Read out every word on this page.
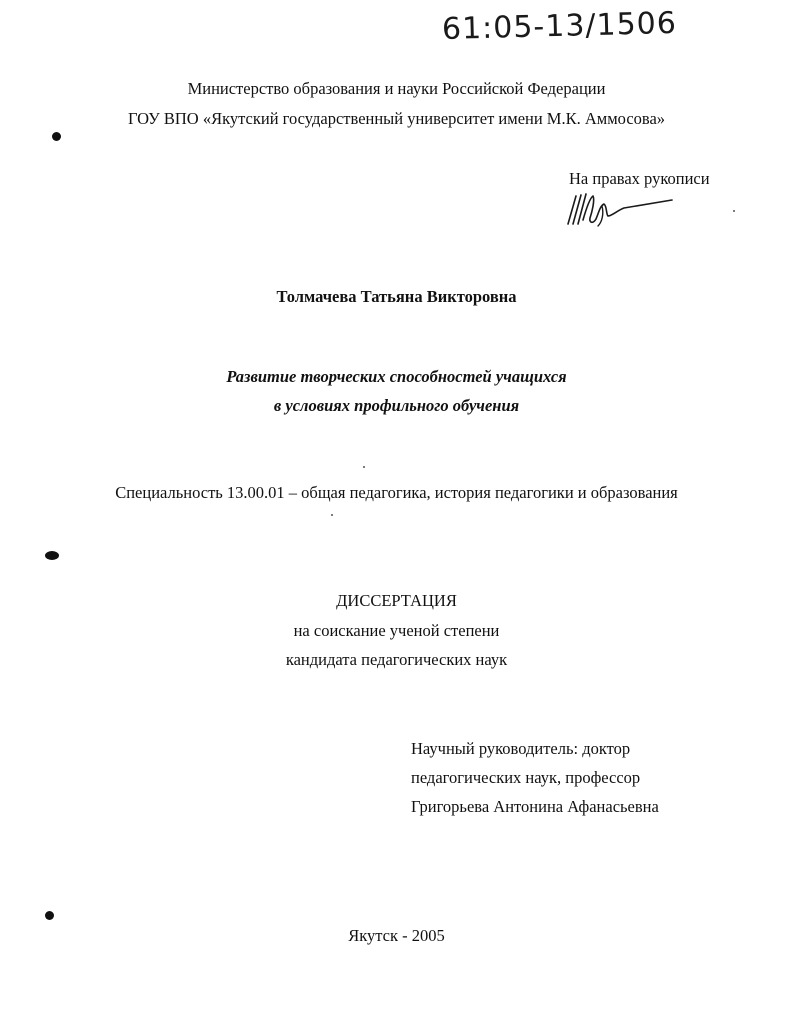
61:05-13/1506
Министерство образования и науки Российской Федерации
ГОУ ВПО «Якутский государственный университет имени М.К. Аммосова»
На правах рукописи
Толмачева Татьяна Викторовна
Развитие творческих способностей учащихся
в условиях профильного обучения
Специальность 13.00.01 – общая педагогика, история педагогики и образования
ДИССЕРТАЦИЯ
на соискание ученой степени
кандидата педагогических наук
Научный руководитель: доктор
педагогических наук, профессор
Григорьева Антонина Афанасьевна
Якутск - 2005
